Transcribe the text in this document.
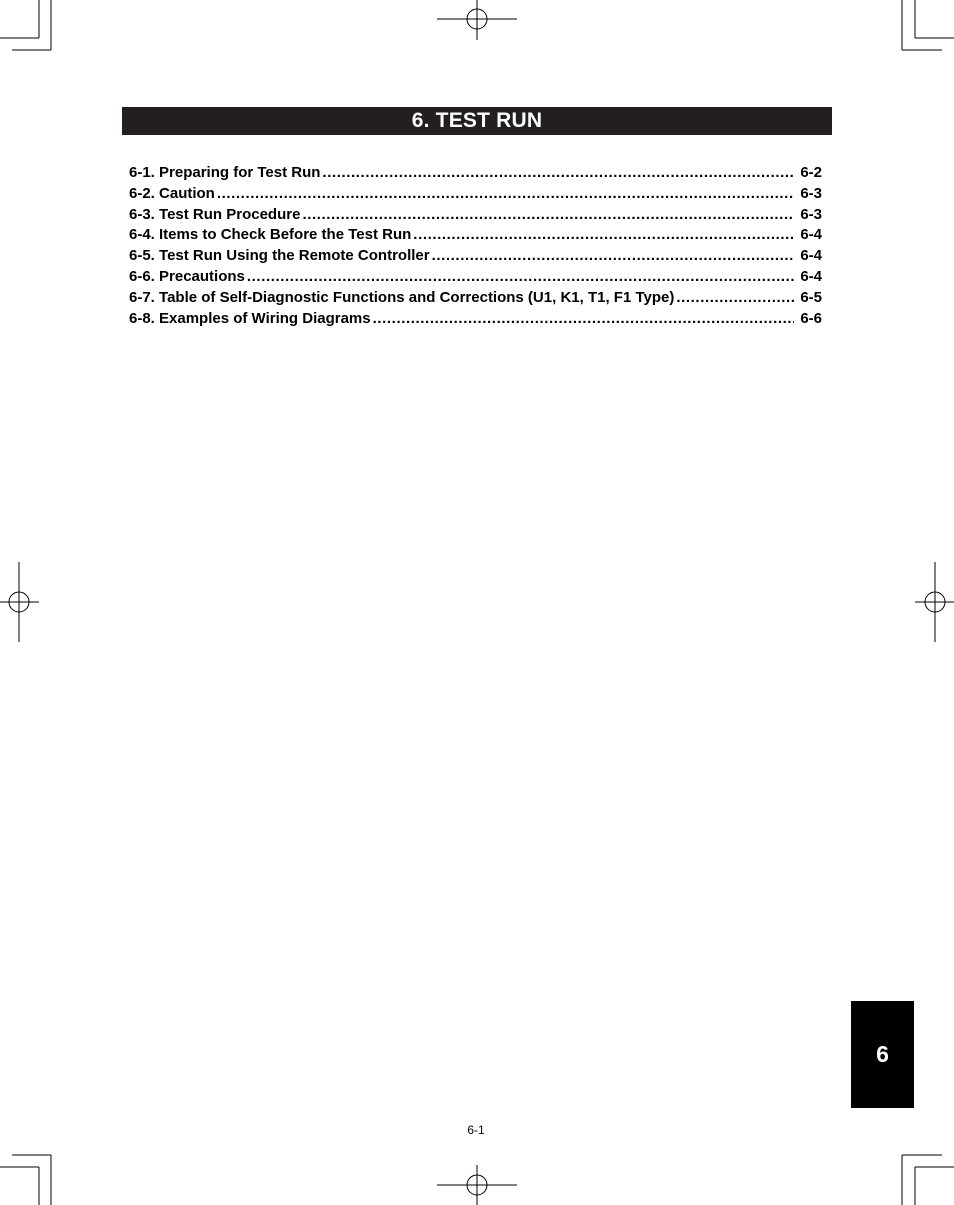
6. TEST RUN
6-1. Preparing for Test Run .....	6-2
6-2. Caution .....	6-3
6-3. Test Run Procedure .....	6-3
6-4. Items to Check Before the Test Run .....	6-4
6-5. Test Run Using the Remote Controller .....	6-4
6-6. Precautions .....	6-4
6-7. Table of Self-Diagnostic Functions and Corrections (U1, K1, T1, F1 Type) .....	6-5
6-8. Examples of Wiring Diagrams .....	6-6
6
6-1
